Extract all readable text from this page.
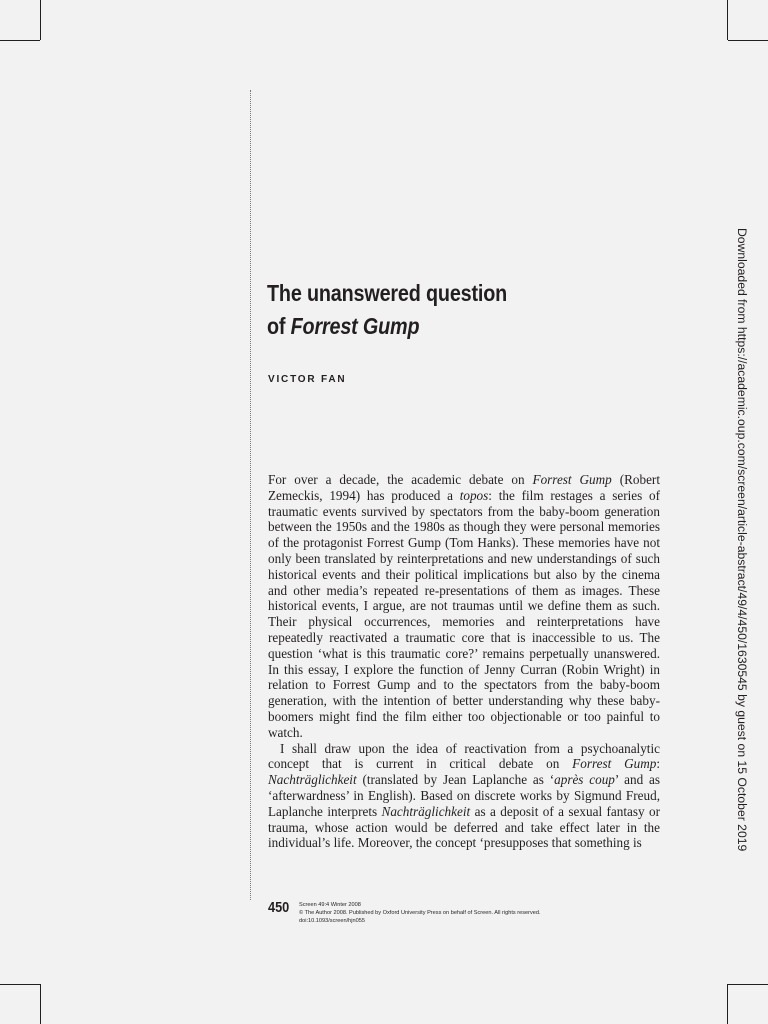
The unanswered question
of Forrest Gump
VICTOR FAN

For over a decade, the academic debate on Forrest Gump (Robert Zemeckis, 1994) has produced a topos: the film restages a series of traumatic events survived by spectators from the baby-boom generation between the 1950s and the 1980s as though they were personal memories of the protagonist Forrest Gump (Tom Hanks). These memories have not only been translated by reinterpretations and new understandings of such historical events and their political implications but also by the cinema and other media’s repeated re-presentations of them as images. These historical events, I argue, are not traumas until we define them as such. Their physical occurrences, memories and reinterpretations have repeatedly reactivated a traumatic core that is inaccessible to us. The question ‘what is this traumatic core?’ remains perpetually unanswered. In this essay, I explore the function of Jenny Curran (Robin Wright) in relation to Forrest Gump and to the spectators from the baby-boom generation, with the intention of better understanding why these baby-boomers might find the film either too objectionable or too painful to watch.

I shall draw upon the idea of reactivation from a psychoanalytic concept that is current in critical debate on Forrest Gump: Nachträglichkeit (translated by Jean Laplanche as ‘après coup’ and as ‘afterwardness’ in English). Based on discrete works by Sigmund Freud, Laplanche interprets Nachträglichkeit as a deposit of a sexual fantasy or trauma, whose action would be deferred and take effect later in the individual’s life. Moreover, the concept ‘presupposes that something is

450 Screen 49:4 Winter 2008
© The Author 2008. Published by Oxford University Press on behalf of Screen. All rights reserved.
doi:10.1093/screen/hjn055
Downloaded from https://academic.oup.com/screen/article-abstract/49/4/450/1630545 by guest on 15 October 2019
